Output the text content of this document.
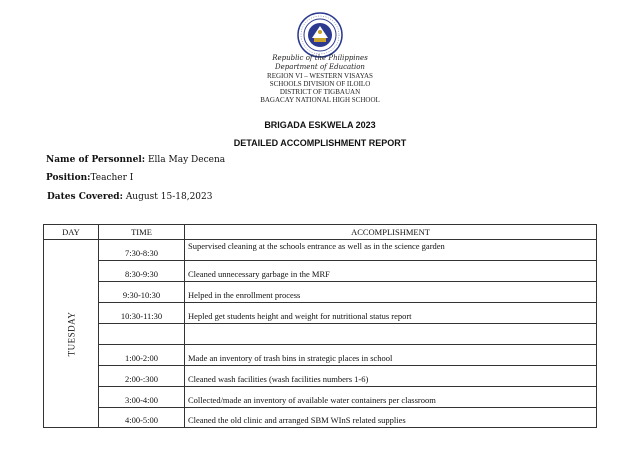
Republic of the Philippines
Department of Education
REGION VI – WESTERN VISAYAS
SCHOOLS DIVISION OF ILOILO
DISTRICT OF TIGBAUAN
BAGACAY NATIONAL HIGH SCHOOL
BRIGADA ESKWELA 2023
DETAILED ACCOMPLISHMENT REPORT
Name of Personnel: Ella May Decena
Position:Teacher I
Dates Covered: August 15-18,2023
DAY	TIME	ACCOMPLISHMENT
TUESDAY	7:30-8:30	Supervised cleaning at the schools entrance as well as in the science garden
	8:30-9:30	Cleaned unnecessary garbage in the MRF
	9:30-10:30	Helped in the enrollment process
	10:30-11:30	Hepled get students height and weight for nutritional status report

	1:00-2:00	Made an inventory of trash bins in strategic places in school
	2:00-:300	Cleaned wash facilities (wash facilities numbers 1-6)
	3:00-4:00	Collected/made an inventory of available water containers per classroom
	4:00-5:00	Cleaned the old clinic and arranged SBM WInS related supplies
